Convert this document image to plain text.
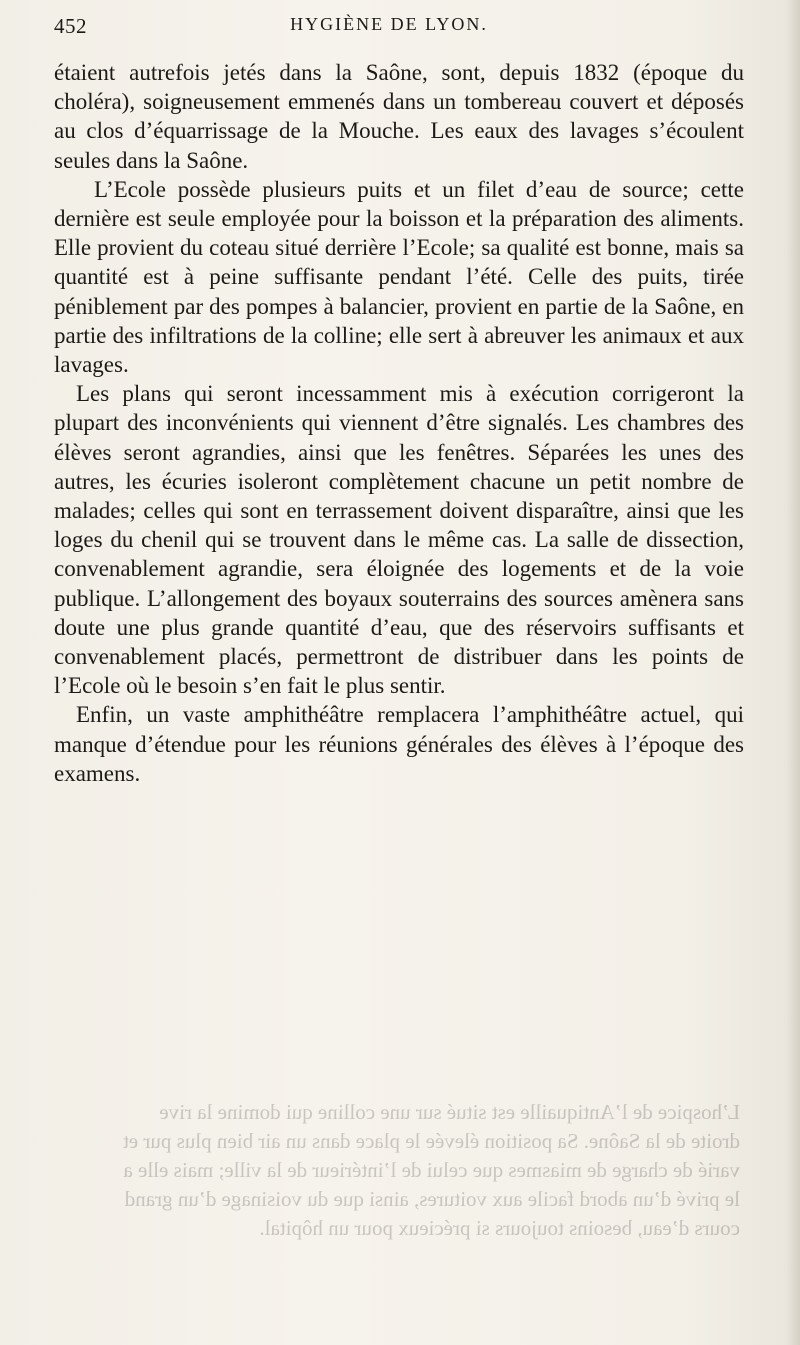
452	HYGIÈNE DE LYON.

étaient autrefois jetés dans la Saône, sont, depuis 1832 (époque du choléra), soigneusement emmenés dans un tombereau couvert et déposés au clos d’équarrissage de la Mouche. Les eaux des lavages s’écoulent seules dans la Saône.

L’Ecole possède plusieurs puits et un filet d’eau de source; cette dernière est seule employée pour la boisson et la préparation des aliments. Elle provient du coteau situé derrière l’Ecole; sa qualité est bonne, mais sa quantité est à peine suffisante pendant l’été. Celle des puits, tirée péniblement par des pompes à balancier, provient en partie de la Saône, en partie des infiltrations de la colline; elle sert à abreuver les animaux et aux lavages.

Les plans qui seront incessamment mis à exécution corrigeront la plupart des inconvénients qui viennent d’être signalés. Les chambres des élèves seront agrandies, ainsi que les fenêtres. Séparées les unes des autres, les écuries isoleront complètement chacune un petit nombre de malades; celles qui sont en terrassement doivent disparaître, ainsi que les loges du chenil qui se trouvent dans le même cas. La salle de dissection, convenablement agrandie, sera éloignée des logements et de la voie publique. L’allongement des boyaux souterrains des sources amènera sans doute une plus grande quantité d’eau, que des réservoirs suffisants et convenablement placés, permettront de distribuer dans les points de l’Ecole où le besoin s’en fait le plus sentir.

Enfin, un vaste amphithéâtre remplacera l’amphithéâtre actuel, qui manque d’étendue pour les réunions générales des élèves à l’époque des examens.

L’hospice de l’Antiquaille est situé sur une colline qui domine la rive droite de la Saône. Sa position élevée le place dans un air bien plus pur et varié de charge de miasmes que celui de l’intérieur de la ville; mais elle a le privé d’un abord facile aux voitures, ainsi que du voisinage d’un grand cours d’eau, besoins toujours si précieux pour un hôpital.
